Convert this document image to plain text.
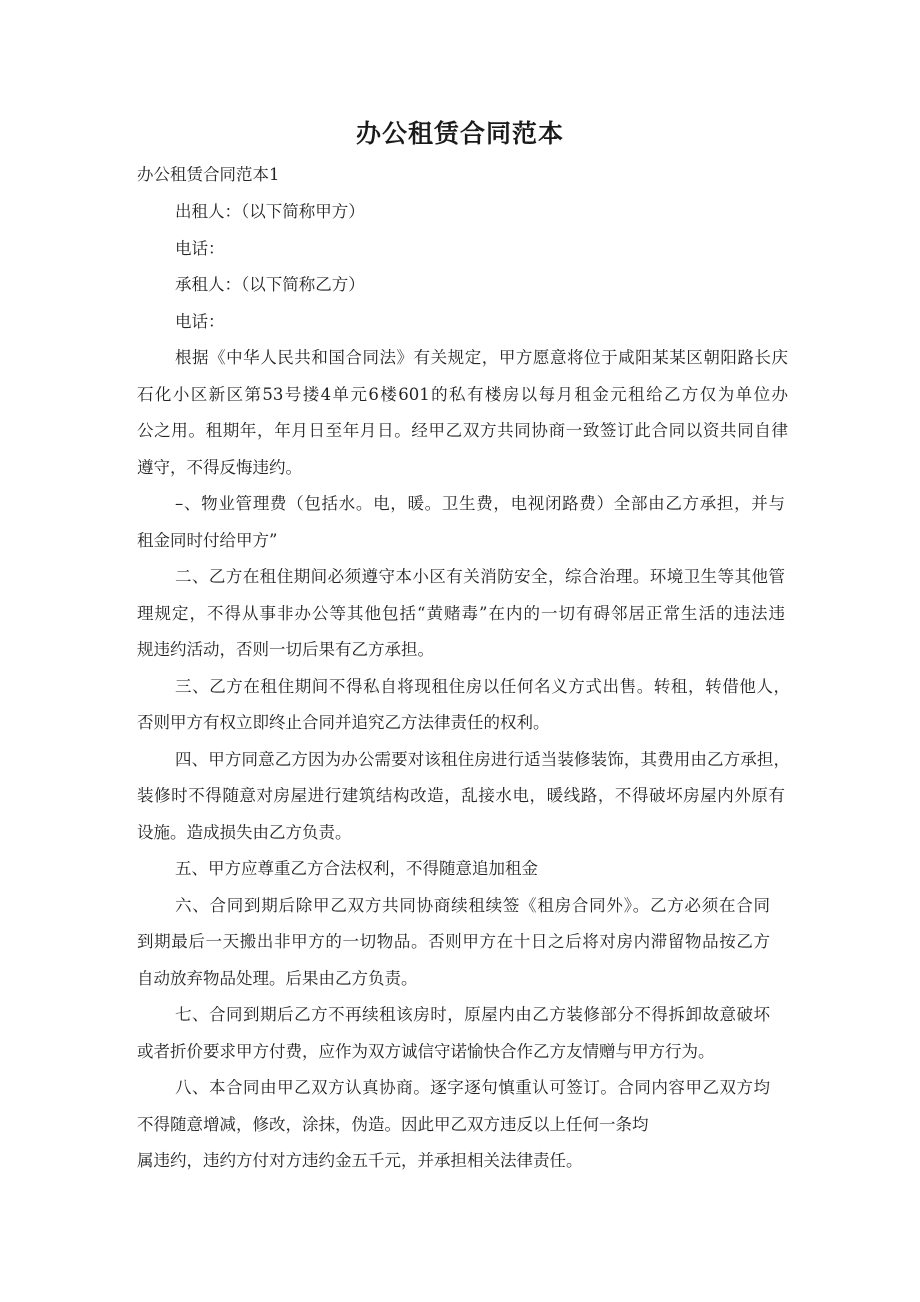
办公租赁合同范本
办公租赁合同范本1
出租人：（以下简称甲方）
电话：
承租人：（以下简称乙方）
电话：
根据《中华人民共和国合同法》有关规定，甲方愿意将位于咸阳某某区朝阳路长庆
石化小区新区第53号搂4单元6楼601的私有楼房以每月租金元租给乙方仅为单位办
公之用。租期年，年月日至年月日。经甲乙双方共同协商一致签订此合同以资共同自律
遵守，不得反悔违约。
–、物业管理费（包括水。电，暖。卫生费，电视闭路费）全部由乙方承担，并与
租金同时付给甲方”
二、乙方在租住期间必须遵守本小区有关消防安全，综合治理。环境卫生等其他管
理规定，不得从事非办公等其他包括“黄赌毒”在内的一切有碍邻居正常生活的违法违
规违约活动，否则一切后果有乙方承担。
三、乙方在租住期间不得私自将现租住房以任何名义方式出售。转租，转借他人，
否则甲方有权立即终止合同并追究乙方法律责任的权利。
四、甲方同意乙方因为办公需要对该租住房进行适当装修装饰，其费用由乙方承担，
装修时不得随意对房屋进行建筑结构改造，乱接水电，暖线路，不得破坏房屋内外原有
设施。造成损失由乙方负责。
五、甲方应尊重乙方合法权利，不得随意追加租金
六、合同到期后除甲乙双方共同协商续租续签《租房合同外》。乙方必须在合同
到期最后一天搬出非甲方的一切物品。否则甲方在十日之后将对房内滞留物品按乙方
自动放弃物品处理。后果由乙方负责。
七、合同到期后乙方不再续租该房时，原屋内由乙方装修部分不得拆卸故意破坏
或者折价要求甲方付费，应作为双方诚信守诺愉快合作乙方友情赠与甲方行为。
八、本合同由甲乙双方认真协商。逐字逐句慎重认可签订。合同内容甲乙双方均
不得随意增减，修改，涂抹，伪造。因此甲乙双方违反以上任何一条均
属违约，违约方付对方违约金五千元，并承担相关法律责任。
